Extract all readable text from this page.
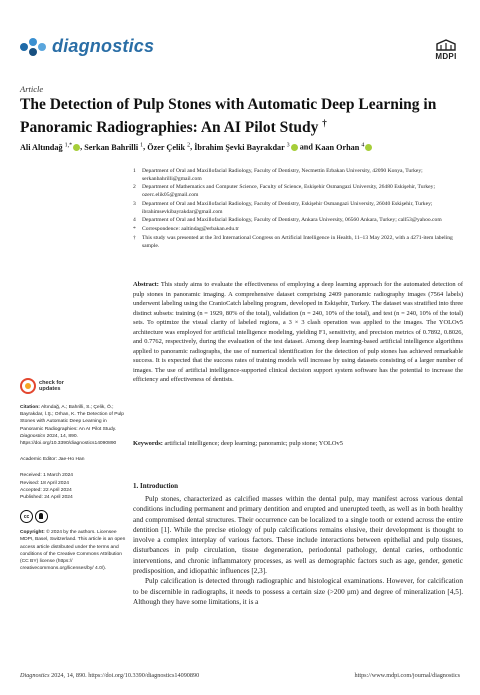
diagnostics
MDPI
Article
The Detection of Pulp Stones with Automatic Deep Learning in Panoramic Radiographies: An AI Pilot Study †
Ali Altındağ $^{1,*}$ , Serkan Bahrilli $^1$, Özer Çelik $^2$, İbrahim Şevki Bayrakdar $^3$ and Kaan Orhan $^4$
1	Department of Oral and Maxillofacial Radiology, Faculty of Dentistry, Necmettin Erbakan University, 42090 Konya, Turkey; serkanbahrilli@gmail.com
2	Department of Mathematics and Computer Science, Faculty of Science, Eskişehir Osmangazi University, 26480 Eskişehir, Turkey; ozerc.elik05@gmail.com
3	Department of Oral and Maxillofacial Radiology, Faculty of Dentistry, Eskişehir Osmangazi University, 26040 Eskişehir, Turkey; ibrahimsevkibayrakdar@gmail.com
4	Department of Oral and Maxillofacial Radiology, Faculty of Dentistry, Ankara University, 06560 Ankara, Turkey; call53@yahoo.com
*	Correspondence: aaltindag@erbakan.edu.tr
†	This study was presented at the 3rd International Congress on Artificial Intelligence in Health, 11–13 May 2022, with a 4271-item labeling sample.
Abstract: This study aims to evaluate the effectiveness of employing a deep learning approach for the automated detection of pulp stones in panoramic imaging. A comprehensive dataset comprising 2409 panoramic radiography images (7564 labels) underwent labeling using the CranioCatch labeling program, developed in Eskişehir, Turkey. The dataset was stratified into three distinct subsets: training (n = 1929, 80% of the total), validation (n = 240, 10% of the total), and test (n = 240, 10% of the total) sets. To optimize the visual clarity of labeled regions, a 3 × 3 clash operation was applied to the images. The YOLOv5 architecture was employed for artificial intelligence modeling, yielding F1, sensitivity, and precision metrics of 0.7892, 0.8026, and 0.7762, respectively, during the evaluation of the test dataset. Among deep learning-based artificial intelligence algorithms applied to panoramic radiographs, the use of numerical identification for the detection of pulp stones has achieved remarkable success. It is expected that the success rates of training models will increase by using datasets consisting of a larger number of images. The use of artificial intelligence-supported clinical decision support system software has the potential to increase the efficiency and effectiveness of dentists.
Keywords: artificial intelligence; deep learning; panoramic; pulp stone; YOLOv5
check for
updates
Citation: Altındağ, A.; Bahrilli, S.; Çelik, Ö.; Bayrakdar, İ.Ş.; Orhan, K. The Detection of Pulp Stones with Automatic Deep Learning in Panoramic Radiographies: An AI Pilot Study. Diagnostics 2024, 14, 890. https://doi.org/10.3390/diagnostics14090890
Academic Editor: Jae-Ho Han
Received: 1 March 2024
Revised: 18 April 2024
Accepted: 22 April 2024
Published: 24 April 2024
cc
Copyright: © 2024 by the authors. Licensee MDPI, Basel, Switzerland. This article is an open access article distributed under the terms and conditions of the Creative Commons Attribution (CC BY) license (https:// creativecommons.org/licenses/by/ 4.0/).
1. Introduction

Pulp stones, characterized as calcified masses within the dental pulp, may manifest across various dental conditions including permanent and primary dentition and erupted and unerupted teeth, as well as in both healthy and compromised dental structures. Their occurrence can be localized to a single tooth or extend across the entire dentition [1]. While the precise etiology of pulp calcifications remains elusive, their development is thought to involve a complex interplay of various factors. These include interactions between epithelial and pulp tissues, disturbances in pulp circulation, tissue degeneration, periodontal pathology, dental caries, orthodontic interventions, and chronic inflammatory processes, as well as demographic factors such as age, gender, genetic predisposition, and idiopathic influences [2,3].

Pulp calcification is detected through radiographic and histological examinations. However, for calcification to be discernible in radiographs, it needs to possess a certain size (>200 μm) and degree of mineralization [4,5]. Although they have some limitations, it is a

Diagnostics 2024, 14, 890. https://doi.org/10.3390/diagnostics14090890	https://www.mdpi.com/journal/diagnostics
